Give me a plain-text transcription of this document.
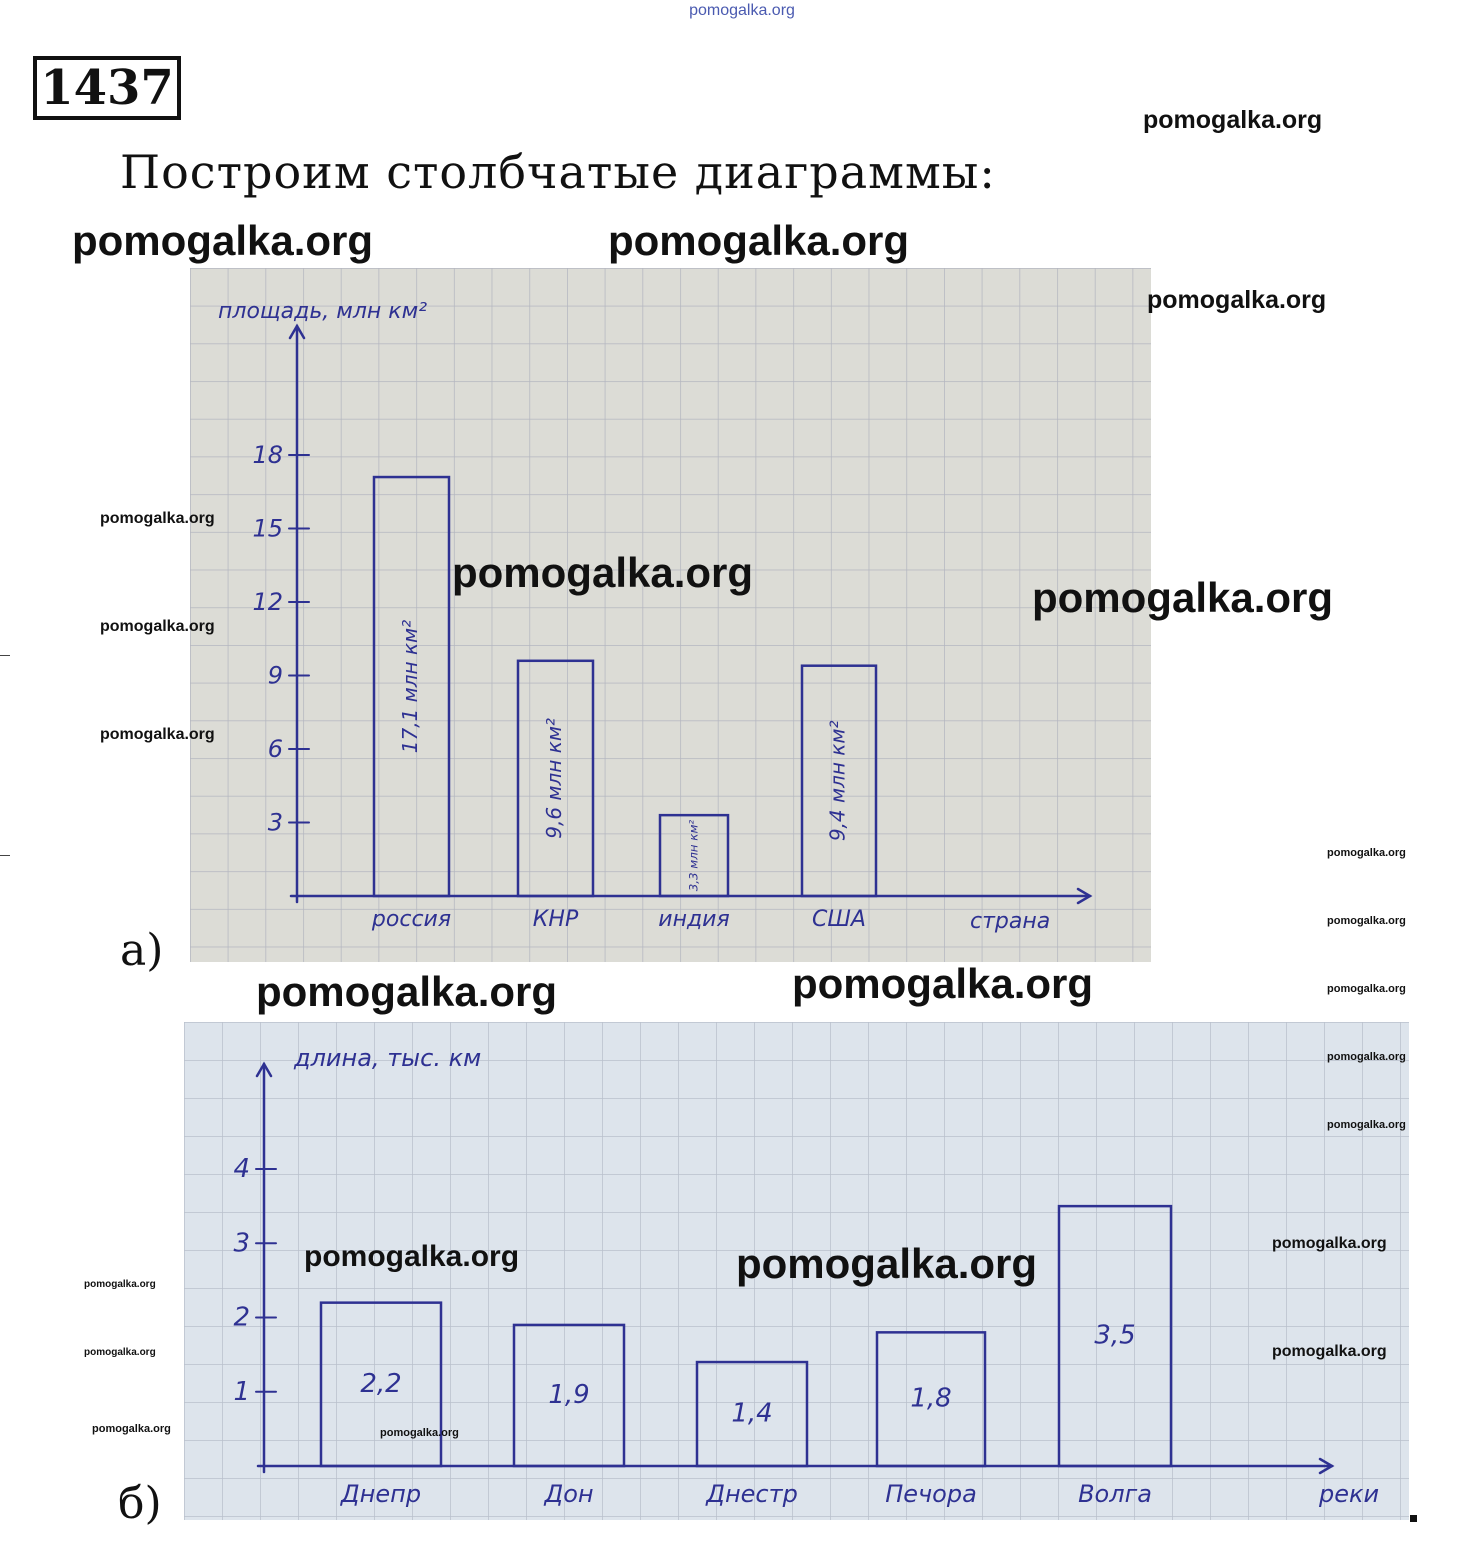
pomogalka.org
1437
Построим столбчатые диаграммы:
площадь, млн км²
страна
3
6
9
12
15
18
россия
17,1 млн км²
КНР
9,6 млн км²
индия
3,3 млн км²
США
9,4 млн км²
а)
длина, тыс. км
реки
1
2
3
4
Днепр
2,2
Дон
1,9
Днестр
1,4
Печора
1,8
Волга
3,5
б)
pomogalka.org
pomogalka.org	pomogalka.org
pomogalka.org
pomogalka.org
pomogalka.org
pomogalka.org
pomogalka.org
pomogalka.org
pomogalka.org
pomogalka.org
pomogalka.org	pomogalka.org	pomogalka.org
pomogalka.org
pomogalka.org
pomogalka.org	pomogalka.org	pomogalka.org
pomogalka.org
pomogalka.org
pomogalka.org
pomogalka.org	pomogalka.org
